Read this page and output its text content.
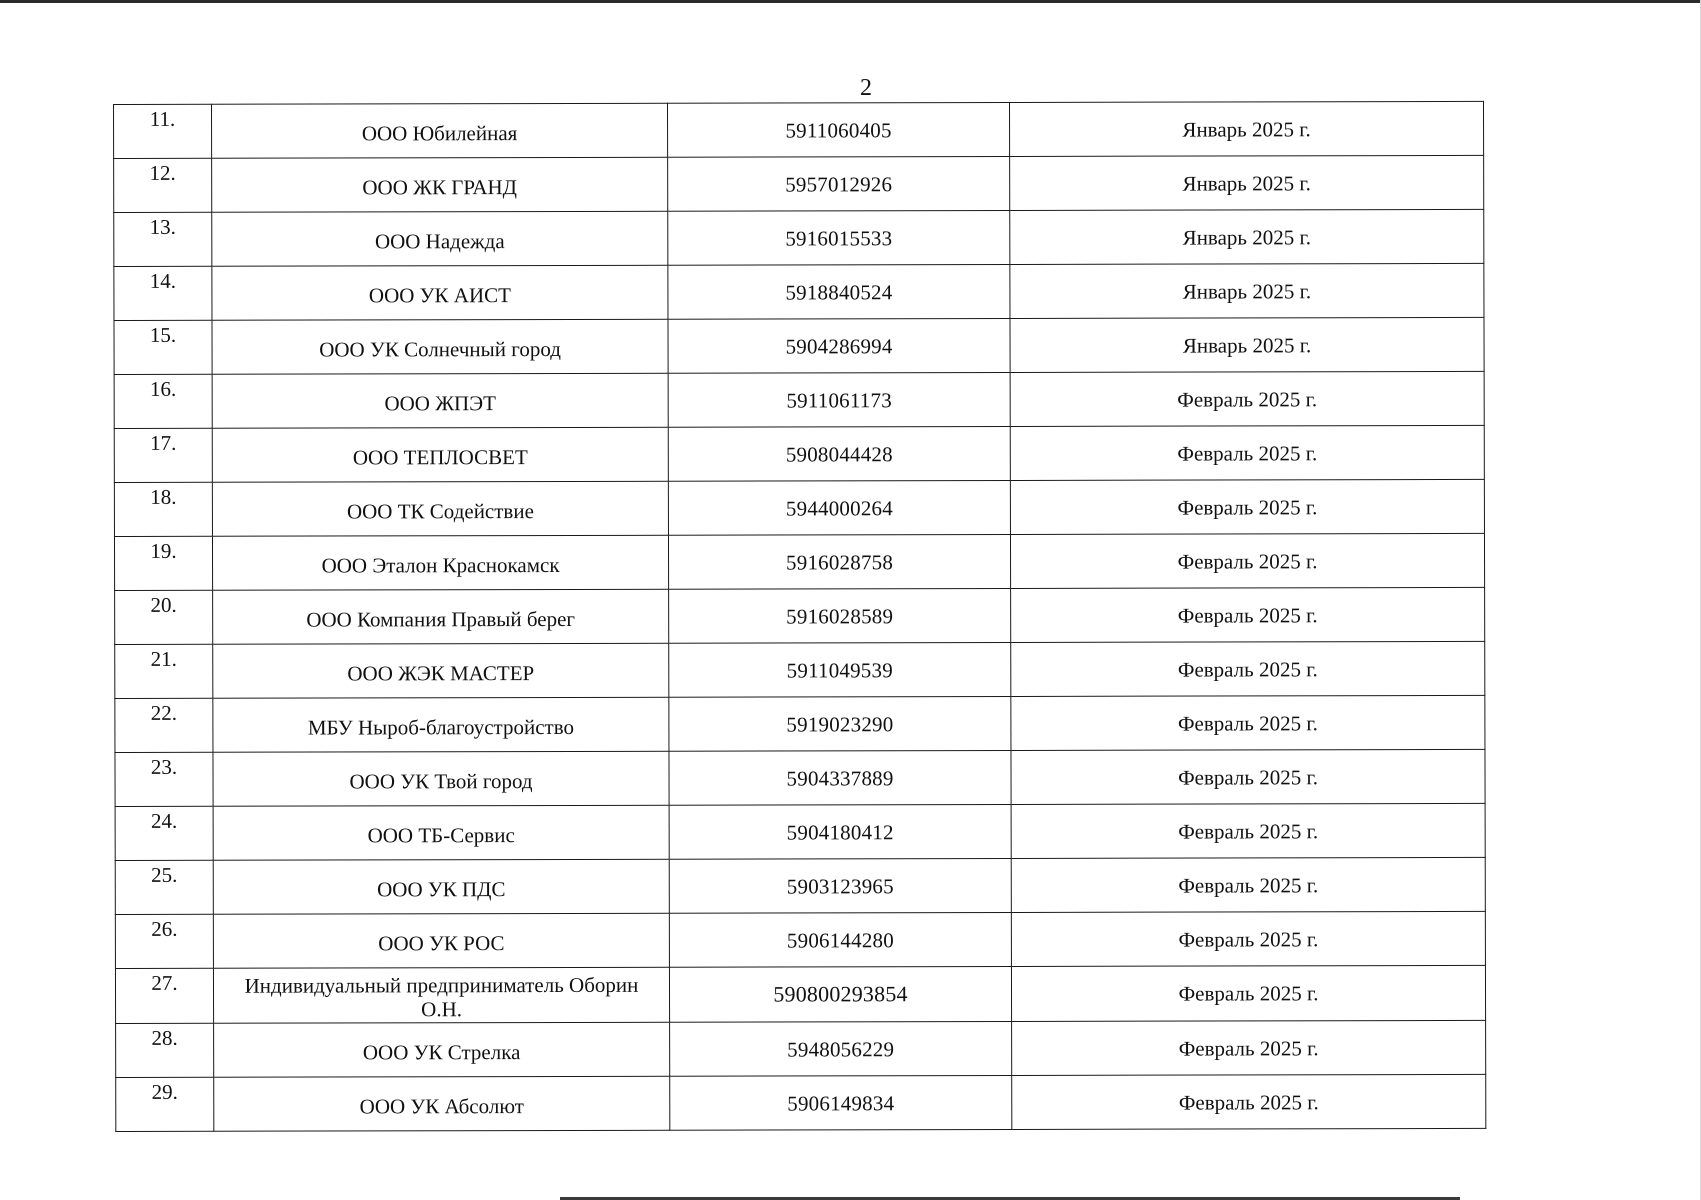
2
11.	ООО Юбилейная	5911060405	Январь 2025 г.
12.	ООО ЖК ГРАНД	5957012926	Январь 2025 г.
13.	ООО Надежда	5916015533	Январь 2025 г.
14.	ООО УК АИСТ	5918840524	Январь 2025 г.
15.	ООО УК Солнечный город	5904286994	Январь 2025 г.
16.	ООО ЖПЭТ	5911061173	Февраль 2025 г.
17.	ООО ТЕПЛОСВЕТ	5908044428	Февраль 2025 г.
18.	ООО ТК Содействие	5944000264	Февраль 2025 г.
19.	ООО Эталон Краснокамск	5916028758	Февраль 2025 г.
20.	ООО Компания Правый берег	5916028589	Февраль 2025 г.
21.	ООО ЖЭК МАСТЕР	5911049539	Февраль 2025 г.
22.	МБУ Ныроб-благоустройство	5919023290	Февраль 2025 г.
23.	ООО УК Твой город	5904337889	Февраль 2025 г.
24.	ООО ТБ-Сервис	5904180412	Февраль 2025 г.
25.	ООО УК ПДС	5903123965	Февраль 2025 г.
26.	ООО УК РОС	5906144280	Февраль 2025 г.
27.	Индивидуальный предприниматель Оборин О.Н.	590800293854	Февраль 2025 г.
28.	ООО УК Стрелка	5948056229	Февраль 2025 г.
29.	ООО УК Абсолют	5906149834	Февраль 2025 г.
